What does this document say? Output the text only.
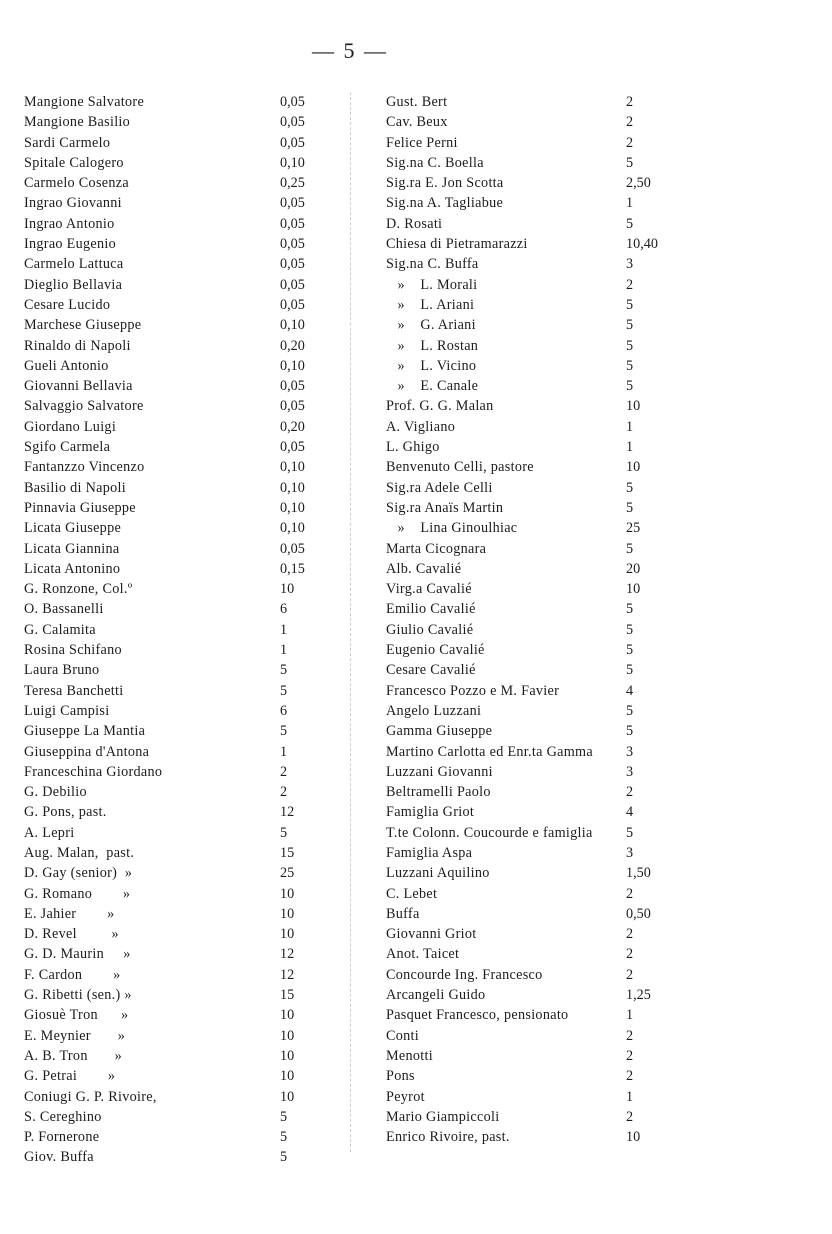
— 5 —
Mangione Salvatore	0,05
Mangione Basilio	0,05
Sardi Carmelo	0,05
Spitale Calogero	0,10
Carmelo Cosenza	0,25
Ingrao Giovanni	0,05
Ingrao Antonio	0,05
Ingrao Eugenio	0,05
Carmelo Lattuca	0,05
Dieglio Bellavia	0,05
Cesare Lucido	0,05
Marchese Giuseppe	0,10
Rinaldo di Napoli	0,20
Gueli Antonio	0,10
Giovanni Bellavia	0,05
Salvaggio Salvatore	0,05
Giordano Luigi	0,20
Sgifo Carmela	0,05
Fantanzzo Vincenzo	0,10
Basilio di Napoli	0,10
Pinnavia Giuseppe	0,10
Licata Giuseppe	0,10
Licata Giannina	0,05
Licata Antonino	0,15
G. Ronzone, Col.º	10
O. Bassanelli	6
G. Calamita	1
Rosina Schifano	1
Laura Bruno	5
Teresa Banchetti	5
Luigi Campisi	6
Giuseppe La Mantia	5
Giuseppina d'Antona	1
Franceschina Giordano	2
G. Debilio	2
G. Pons, past.	12
A. Lepri	5
Aug. Malan,  past.	15
D. Gay (senior)  »	25
G. Romano        »	10
E. Jahier        »	10
D. Revel         »	10
G. D. Maurin     »	12
F. Cardon        »	12
G. Ribetti (sen.) »	15
Giosuè Tron      »	10
E. Meynier       »	10
A. B. Tron       »	10
G. Petrai        »	10
Coniugi G. P. Rivoire,	10
S. Cereghino	5
P. Fornerone	5
Giov. Buffa	5
Gust. Bert	2
Cav. Beux	2
Felice Perni	2
Sig.na C. Boella	5
Sig.ra E. Jon Scotta	2,50
Sig.na A. Tagliabue	1
D. Rosati	5
Chiesa di Pietramarazzi	10,40
Sig.na C. Buffa	3
»    L. Morali	2
»    L. Ariani	5
»    G. Ariani	5
»    L. Rostan	5
»    L. Vicino	5
»    E. Canale	5
Prof. G. G. Malan	10
A. Vigliano	1
L. Ghigo	1
Benvenuto Celli, pastore	10
Sig.ra Adele Celli	5
Sig.ra Anaïs Martin	5
»    Lina Ginoulhiac	25
Marta Cicognara	5
Alb. Cavalié	20
Virg.a Cavalié	10
Emilio Cavalié	5
Giulio Cavalié	5
Eugenio Cavalié	5
Cesare Cavalié	5
Francesco Pozzo e M. Favier	4
Angelo Luzzani	5
Gamma Giuseppe	5
Martino Carlotta ed Enr.ta Gamma 3
Luzzani Giovanni	3
Beltramelli Paolo	2
Famiglia Griot	4
T.te Colonn. Coucourde e famiglia 5
Famiglia Aspa	3
Luzzani Aquilino	1,50
C. Lebet	2
Buffa	0,50
Giovanni Griot	2
Anot. Taicet	2
Concourde Ing. Francesco	2
Arcangeli Guido	1,25
Pasquet Francesco, pensionato	1
Conti	2
Menotti	2
Pons	2
Peyrot	1
Mario Giampiccoli	2
Enrico Rivoire, past.	10
